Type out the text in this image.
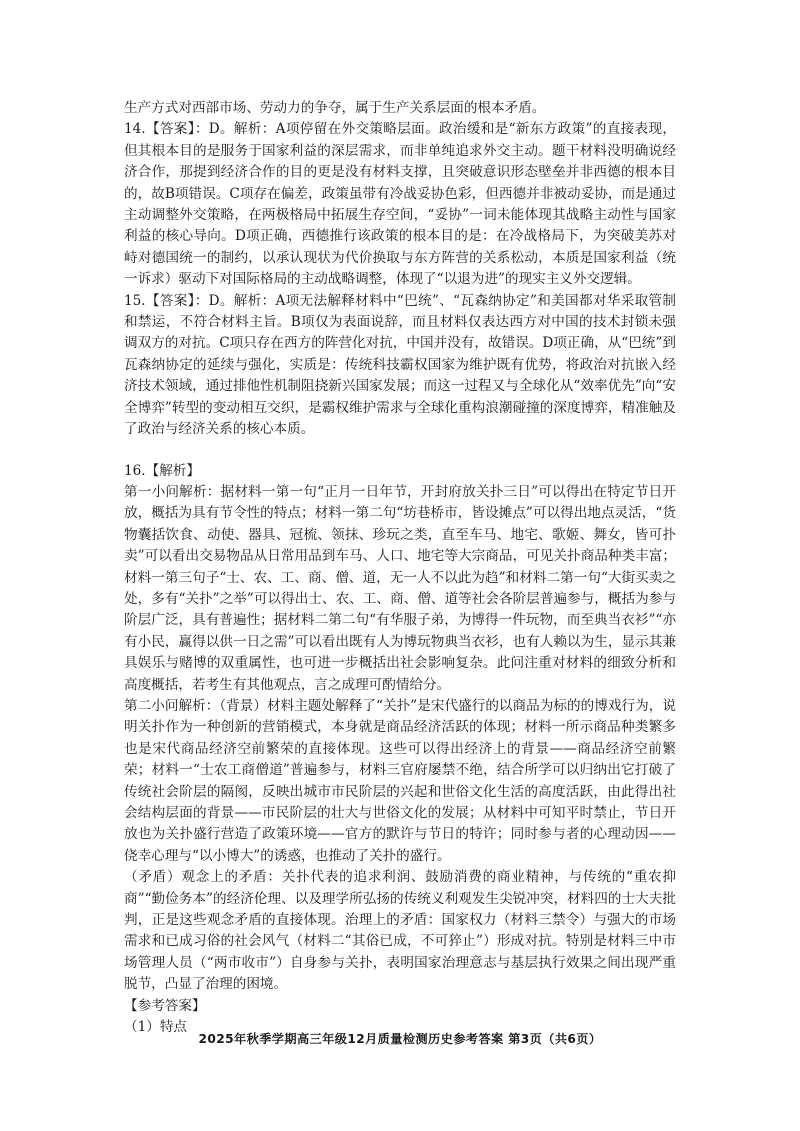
生产方式对西部市场、劳动力的争夺，属于生产关系层面的根本矛盾。

14.【答案】：D。解析：A项停留在外交策略层面。政治缓和是“新东方政策”的直接表现，但其根本目的是服务于国家利益的深层需求，而非单纯追求外交主动。题干材料没明确说经济合作，那提到经济合作的目的更是没有材料支撑，且突破意识形态壁垒并非西德的根本目的，故B项错误。C项存在偏差，政策虽带有冷战妥协色彩，但西德并非被动妥协，而是通过主动调整外交策略，在两极格局中拓展生存空间，“妥协”一词未能体现其战略主动性与国家利益的核心导向。D项正确，西德推行该政策的根本目的是：在冷战格局下，为突破美苏对峙对德国统一的制约，以承认现状为代价换取与东方阵营的关系松动，本质是国家利益（统一诉求）驱动下对国际格局的主动战略调整，体现了“以退为进”的现实主义外交逻辑。

15.【答案】：D。解析：A项无法解释材料中“巴统”、“瓦森纳协定”和美国都对华采取管制和禁运，不符合材料主旨。B项仅为表面说辞，而且材料仅表达西方对中国的技术封锁未强调双方的对抗。C项只存在西方的阵营化对抗，中国并没有，故错误。D项正确，从“巴统”到瓦森纳协定的延续与强化，实质是：传统科技霸权国家为维护既有优势，将政治对抗嵌入经济技术领域，通过排他性机制阻挠新兴国家发展；而这一过程又与全球化从“效率优先”向“安全博弈”转型的变动相互交织，是霸权维护需求与全球化重构浪潮碰撞的深度博弈，精准触及了政治与经济关系的核心本质。

16.【解析】

第一小问解析：据材料一第一句“正月一日年节，开封府放关扑三日”可以得出在特定节日开放，概括为具有节令性的特点；材料一第二句“坊巷桥市，皆设摊点”可以得出地点灵活，“货物囊括饮食、动使、器具、冠梳、领抹、珍玩之类，直至车马、地宅、歌姬、舞女，皆可扑卖”可以看出交易物品从日常用品到车马、人口、地宅等大宗商品，可见关扑商品种类丰富；材料一第三句子“士、农、工、商、僧、道，无一人不以此为趋”和材料二第一句“大街买卖之处，多有“关扑”之举”可以得出士、农、工、商、僧、道等社会各阶层普遍参与，概括为参与阶层广泛，具有普遍性；据材料二第二句“有华服子弟，为博得一件玩物，而至典当衣衫”“亦有小民，赢得以供一日之需”可以看出既有人为博玩物典当衣衫，也有人赖以为生，显示其兼具娱乐与赌博的双重属性，也可进一步概括出社会影响复杂。此问注重对材料的细致分析和高度概括，若考生有其他观点，言之成理可酌情给分。

第二小问解析：（背景）材料主题处解释了“关扑”是宋代盛行的以商品为标的的博戏行为，说明关扑作为一种创新的营销模式，本身就是商品经济活跃的体现；材料一所示商品种类繁多也是宋代商品经济空前繁荣的直接体现。这些可以得出经济上的背景——商品经济空前繁荣；材料一“士农工商僧道”普遍参与，材料三官府屡禁不绝，结合所学可以归纳出它打破了传统社会阶层的隔阂，反映出城市市民阶层的兴起和世俗文化生活的高度活跃，由此得出社会结构层面的背景——市民阶层的壮大与世俗文化的发展；从材料中可知平时禁止，节日开放也为关扑盛行营造了政策环境——官方的默许与节日的特许；同时参与者的心理动因——侥幸心理与“以小博大”的诱惑，也推动了关扑的盛行。

（矛盾）观念上的矛盾：关扑代表的追求利润、鼓励消费的商业精神，与传统的“重农抑商”“勤俭务本”的经济伦理、以及理学所弘扬的传统义利观发生尖锐冲突，材料四的士大夫批判，正是这些观念矛盾的直接体现。治理上的矛盾：国家权力（材料三禁令）与强大的市场需求和已成习俗的社会风气（材料二“其俗已成，不可猝止”）形成对抗。特别是材料三中市场管理人员（“两市收市”）自身参与关扑，表明国家治理意志与基层执行效果之间出现严重脱节，凸显了治理的困境。

【参考答案】

（1）特点

2025年秋季学期高三年级12月质量检测历史参考答案 第3页（共6页）
